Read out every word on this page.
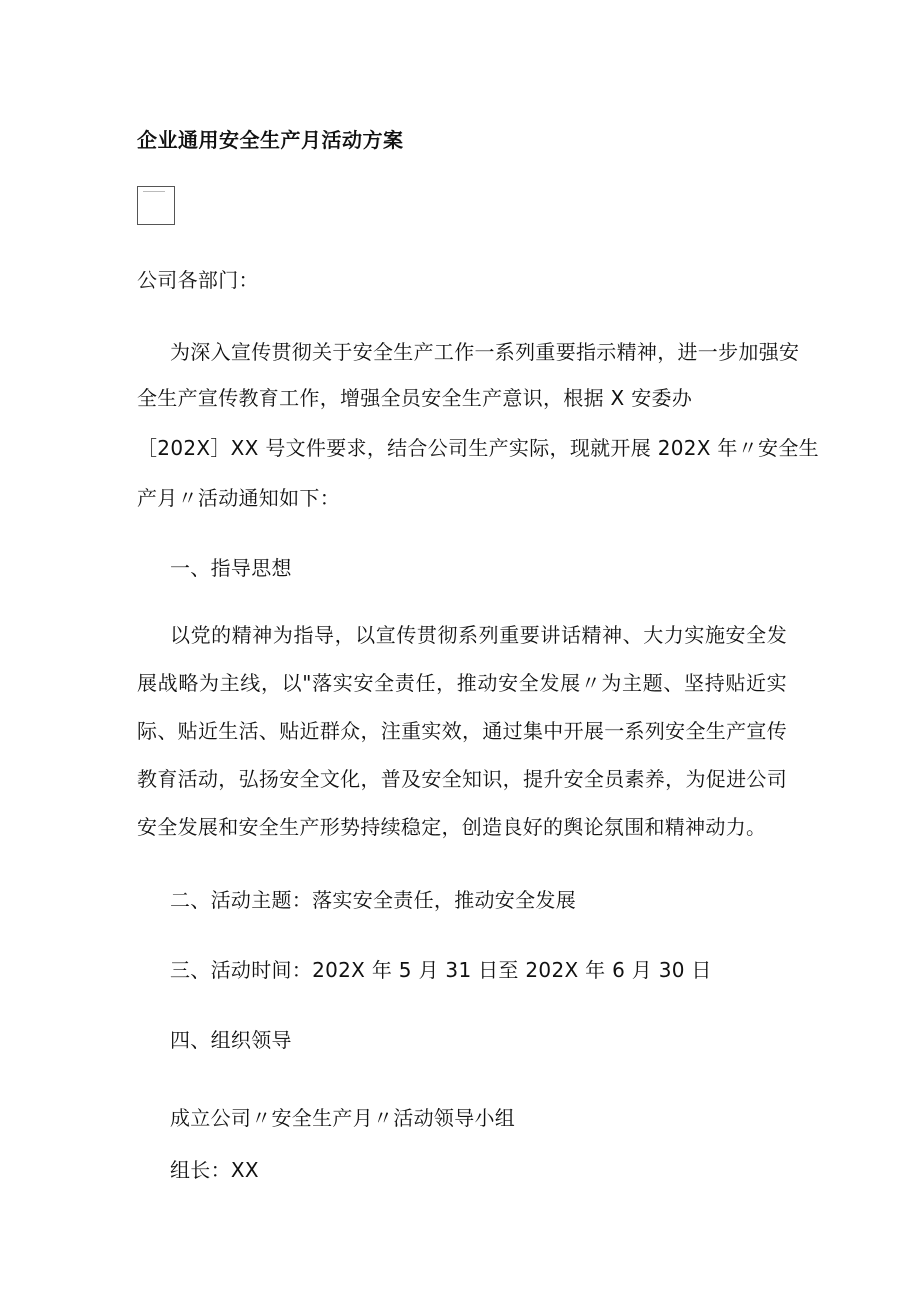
企业通用安全生产月活动方案
公司各部门：
为深入宣传贯彻关于安全生产工作一系列重要指示精神，进一步加强安
全生产宣传教育工作，增强全员安全生产意识，根据 X 安委办
［202X］XX 号文件要求，结合公司生产实际，现就开展 202X 年〃安全生
产月〃活动通知如下：
一、指导思想
以党的精神为指导，以宣传贯彻系列重要讲话精神、大力实施安全发展战略为主线，以"落实安全责任，推动安全发展〃为主题、坚持贴近实际、贴近生活、贴近群众，注重实效，通过集中开展一系列安全生产宣传教育活动，弘扬安全文化，普及安全知识，提升安全员素养，为促进公司安全发展和安全生产形势持续稳定，创造良好的舆论氛围和精神动力。
二、活动主题：落实安全责任，推动安全发展
三、活动时间：202X 年 5 月 31 日至 202X 年 6 月 30 日
四、组织领导
成立公司〃安全生产月〃活动领导小组
组长：XX
